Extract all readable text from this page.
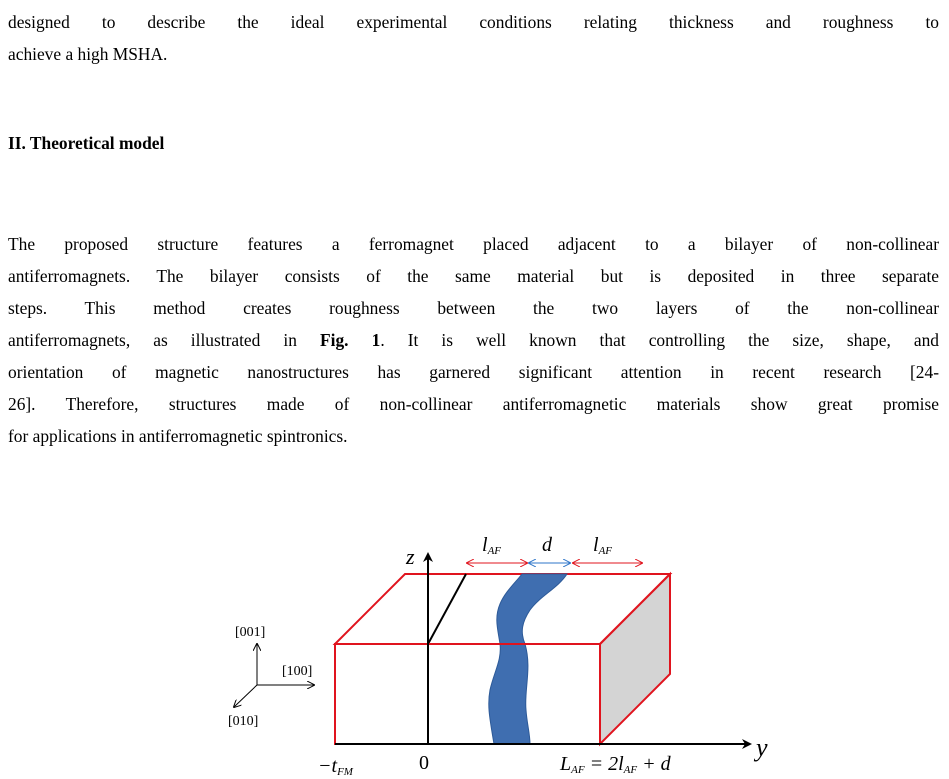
designed to describe the ideal experimental conditions relating thickness and roughness to
achieve a high MSHA.

II. Theoretical model

The proposed structure features a ferromagnet placed adjacent to a bilayer of non-collinear
antiferromagnets. The bilayer consists of the same material but is deposited in three separate
steps. This method creates roughness between the two layers of the non-collinear
antiferromagnets, as illustrated in Fig. 1. It is well known that controlling the size, shape, and
orientation of magnetic nanostructures has garnered significant attention in recent research [24-
26]. Therefore, structures made of non-collinear antiferromagnetic materials show great promise
for applications in antiferromagnetic spintronics.

z
y
lAF d lAF
−tFM	0	LAF = 2lAF + d
[001]
[100]
[010]
